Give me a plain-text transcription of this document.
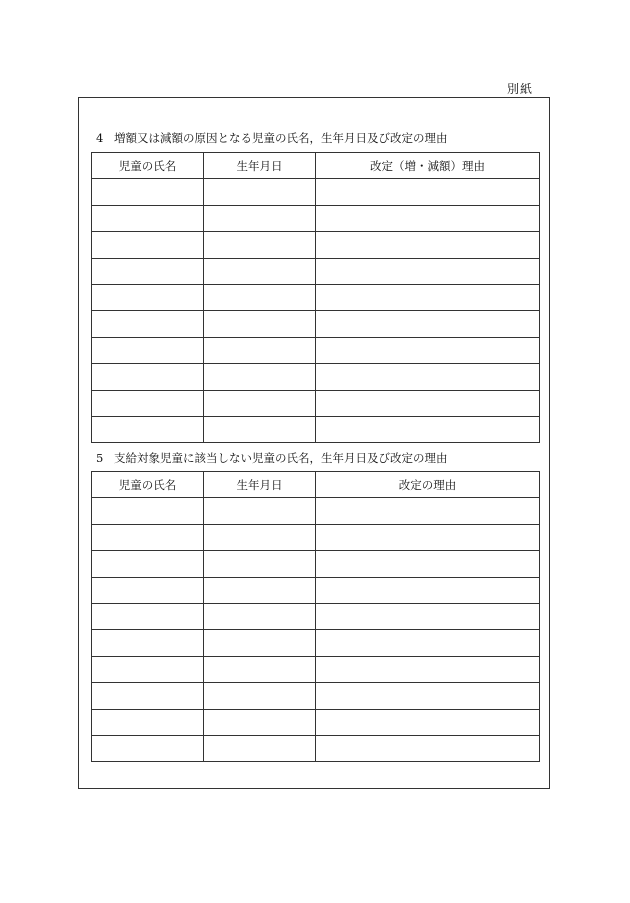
別紙
4 増額又は減額の原因となる児童の氏名，生年月日及び改定の理由
児童の氏名	生年月日	改定（増・減額）理由

5 支給対象児童に該当しない児童の氏名，生年月日及び改定の理由
児童の氏名	生年月日	改定の理由
